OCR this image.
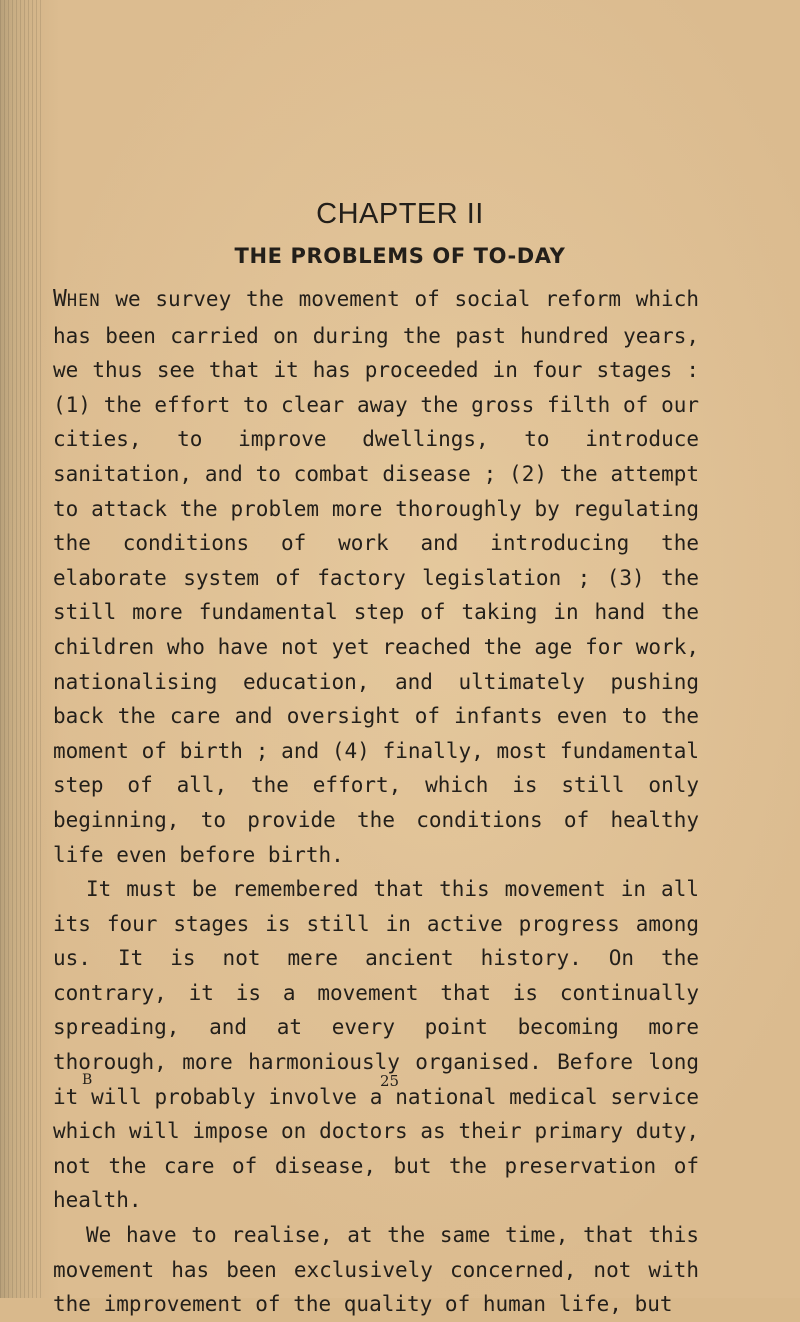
CHAPTER II
THE PROBLEMS OF TO-DAY

WHEN we survey the movement of social reform which has been carried on during the past hundred years, we thus see that it has proceeded in four stages : (1) the effort to clear away the gross filth of our cities, to improve dwellings, to introduce sanitation, and to combat disease ; (2) the attempt to attack the problem more thoroughly by regulating the conditions of work and introducing the elaborate system of factory legislation ; (3) the still more fundamental step of taking in hand the children who have not yet reached the age for work, nationalising education, and ultimately pushing back the care and oversight of infants even to the moment of birth ; and (4) finally, most fundamental step of all, the effort, which is still only beginning, to provide the conditions of healthy life even before birth.

It must be remembered that this movement in all its four stages is still in active progress among us. It is not mere ancient history. On the contrary, it is a movement that is continually spreading, and at every point becoming more thorough, more harmoniously organised. Before long it will probably involve a national medical service which will impose on doctors as their primary duty, not the care of disease, but the preservation of health.

We have to realise, at the same time, that this movement has been exclusively concerned, not with the improvement of the quality of human life, but

B	25
